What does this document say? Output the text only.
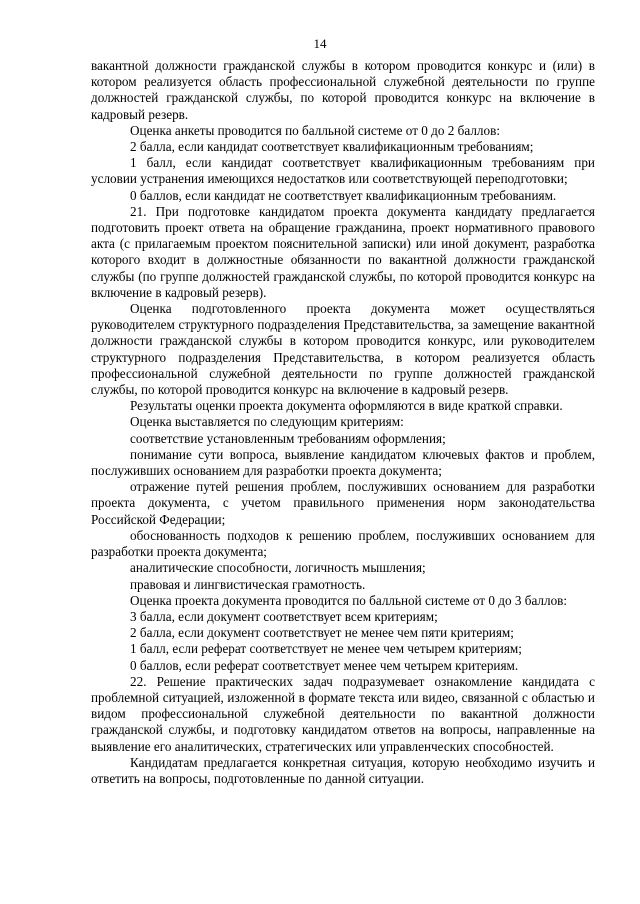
14

вакантной должности гражданской службы в котором проводится конкурс и (или) в котором реализуется область профессиональной служебной деятельности по группе должностей гражданской службы, по которой проводится конкурс на включение в кадровый резерв.

Оценка анкеты проводится по балльной системе от 0 до 2 баллов:

2 балла, если кандидат соответствует квалификационным требованиям;

1 балл, если кандидат соответствует квалификационным требованиям при условии устранения имеющихся недостатков или соответствующей переподготовки;

0 баллов, если кандидат не соответствует квалификационным требованиям.

21. При подготовке кандидатом проекта документа кандидату предлагается подготовить проект ответа на обращение гражданина, проект нормативного правового акта (с прилагаемым проектом пояснительной записки) или иной документ, разработка которого входит в должностные обязанности по вакантной должности гражданской службы (по группе должностей гражданской службы, по которой проводится конкурс на включение в кадровый резерв).

Оценка подготовленного проекта документа может осуществляться руководителем структурного подразделения Представительства, за замещение вакантной должности гражданской службы в котором проводится конкурс, или руководителем структурного подразделения Представительства, в котором реализуется область профессиональной служебной деятельности по группе должностей гражданской службы, по которой проводится конкурс на включение в кадровый резерв.

Результаты оценки проекта документа оформляются в виде краткой справки.

Оценка выставляется по следующим критериям:

соответствие установленным требованиям оформления;

понимание сути вопроса, выявление кандидатом ключевых фактов и проблем, послуживших основанием для разработки проекта документа;

отражение путей решения проблем, послуживших основанием для разработки проекта документа, с учетом правильного применения норм законодательства Российской Федерации;

обоснованность подходов к решению проблем, послуживших основанием для разработки проекта документа;

аналитические способности, логичность мышления;

правовая и лингвистическая грамотность.

Оценка проекта документа проводится по балльной системе от 0 до 3 баллов:

3 балла, если документ соответствует всем критериям;

2 балла, если документ соответствует не менее чем пяти критериям;

1 балл, если реферат соответствует не менее чем четырем критериям;

0 баллов, если реферат соответствует менее чем четырем критериям.

22. Решение практических задач подразумевает ознакомление кандидата с проблемной ситуацией, изложенной в формате текста или видео, связанной с областью и видом профессиональной служебной деятельности по вакантной должности гражданской службы, и подготовку кандидатом ответов на вопросы, направленные на выявление его аналитических, стратегических или управленческих способностей.

Кандидатам предлагается конкретная ситуация, которую необходимо изучить и ответить на вопросы, подготовленные по данной ситуации.
